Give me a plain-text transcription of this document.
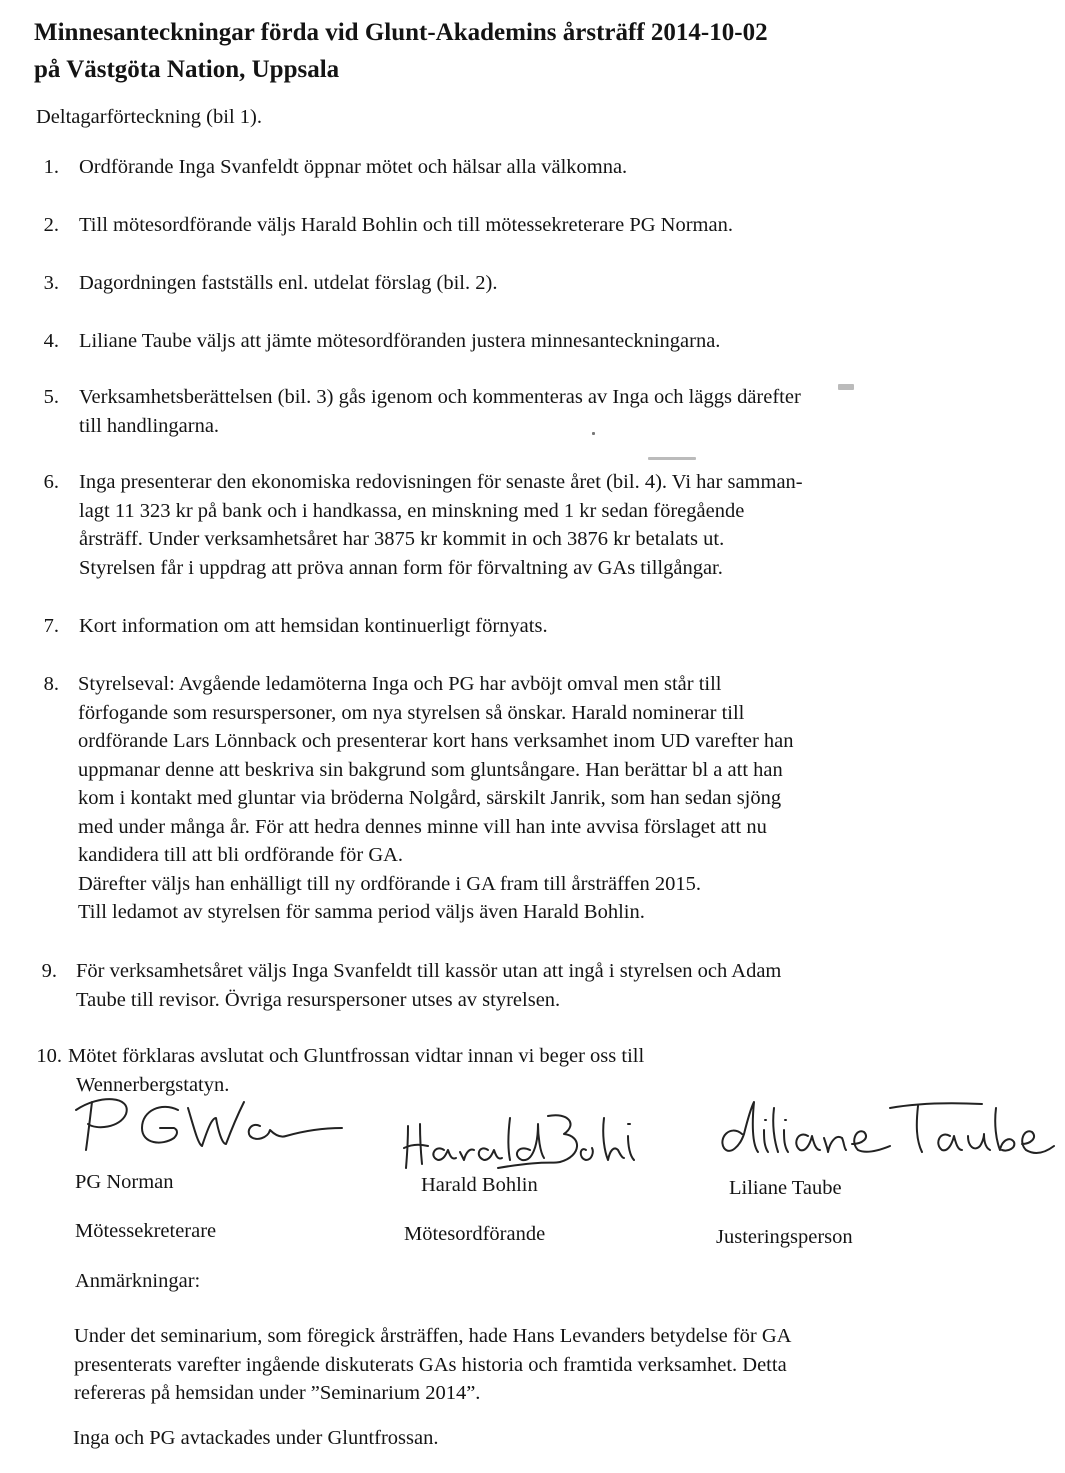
Minnesanteckningar förda vid Glunt-Akademins årsträff 2014-10-02
på Västgöta Nation, Uppsala
Deltagarförteckning (bil 1).
1. Ordförande Inga Svanfeldt öppnar mötet och hälsar alla välkomna.
2. Till mötesordförande väljs Harald Bohlin och till mötessekreterare PG Norman.
3. Dagordningen fastställs enl. utdelat förslag (bil. 2).
4. Liliane Taube väljs att jämte mötesordföranden justera minnesanteckningarna.
5. Verksamhetsberättelsen (bil. 3) gås igenom och kommenteras av Inga och läggs därefter
till handlingarna.
6. Inga presenterar den ekonomiska redovisningen för senaste året (bil. 4). Vi har samman-
lagt 11 323 kr på bank och i handkassa, en minskning med 1 kr sedan föregående
årsträff. Under verksamhetsåret har 3875 kr kommit in och 3876 kr betalats ut.
Styrelsen får i uppdrag att pröva annan form för förvaltning av GAs tillgångar.
7. Kort information om att hemsidan kontinuerligt förnyats.
8. Styrelseval: Avgående ledamöterna Inga och PG har avböjt omval men står till
förfogande som resurspersoner, om nya styrelsen så önskar. Harald nominerar till
ordförande Lars Lönnback och presenterar kort hans verksamhet inom UD varefter han
uppmanar denne att beskriva sin bakgrund som gluntsångare. Han berättar bl a att han
kom i kontakt med gluntar via bröderna Nolgård, särskilt Janrik, som han sedan sjöng
med under många år. För att hedra dennes minne vill han inte avvisa förslaget att nu
kandidera till att bli ordförande för GA.
Därefter väljs han enhälligt till ny ordförande i GA fram till årsträffen 2015.
Till ledamot av styrelsen för samma period väljs även Harald Bohlin.
9. För verksamhetsåret väljs Inga Svanfeldt till kassör utan att ingå i styrelsen och Adam
Taube till revisor. Övriga resurspersoner utses av styrelsen.
10. Mötet förklaras avslutat och Gluntfrossan vidtar innan vi beger oss till
Wennerbergstatyn.
PG Norman	Harald Bohlin	Liliane Taube
Mötessekreterare	Mötesordförande	Justeringsperson
Anmärkningar:
Under det seminarium, som föregick årsträffen, hade Hans Levanders betydelse för GA
presenterats varefter ingående diskuterats GAs historia och framtida verksamhet. Detta
refereras på hemsidan under ”Seminarium 2014”.
Inga och PG avtackades under Gluntfrossan.
